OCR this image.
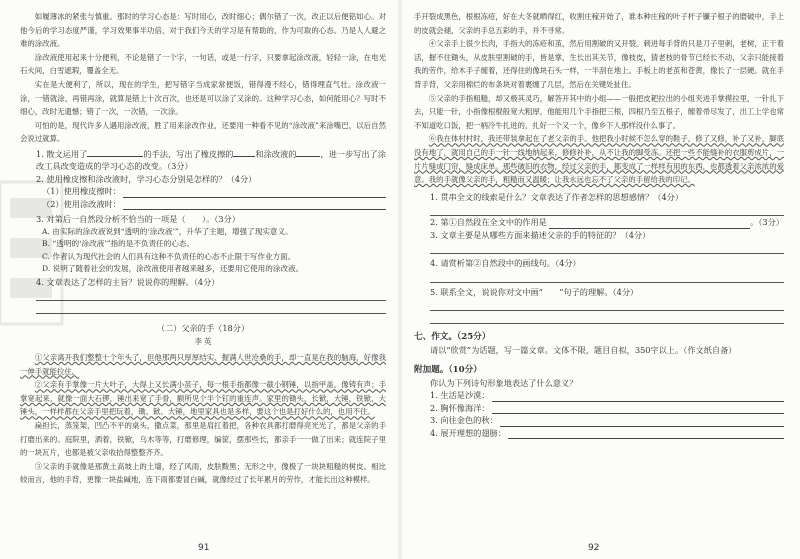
如履薄冰的紧张与慎重。那时的学习心态是：写时用心，改时细心；偶尔错了一次，改正以后便铭如心。对他今后的学习态度严谨，学习效果事半功倍，对于我们今天的学习是有帮助的，作为可取的心态。乃是人人避之难的涂改液。

涂改液使用起来十分便利，不论是错了一个字，一句话，或是一行字，只要拿起涂改液，轻轻一涂，在电光石火间，白雪遮瑕，覆盖全无。

实在是大便利了，所以，现在的学生，把写错字当成家常便饭，错得漫不经心，错得理直气壮。涂改液一涂，一错就涂，再错再涂，就算是错上十次百次，也还是可以涂了又涂的。这种学习心态，如何能用心？写时不细心，改时无遗憾；错了一次，一次错，一次涂。

可怕的是，现代许多人遇用涂改液，胜了用来涂改作业，还要用一种看不见的“涂改液”来涂嘴巴，以后自然会说过就算。

1. 散文运用了	的手法，写出了橡皮擦的	和涂改液的	，进一步写出了涂改工具改变造成的学习心态的改变。（3分）
2. 使用橡皮擦和涂改液时，学习心态分别是怎样的？（4分）
（1）使用橡皮擦时：
（2）使用涂改液时：
3. 对第后一自然段分析不恰当的一项是（　　）。（3分）
A. 由实际的涂改液说到“透明的‘涂改液’”，升华了主题，增强了现实意义。
B. “透明的‘涂改液’”指的是不负责任的心态。
C. 作者认为现代社会的人们具有这种不负责任的心态不止限于写作业方面。
D. 说明了随着社会的发展，涂改液使用者越来越多，还要用它使用的涂改液。
4. 文章表达了怎样的主旨？说说你的理解。（4分）
（二）父亲的手（18分）
李 英

①父亲离开我们整整十个年头了，但他那两只厚厚结实、握满人世沧桑的手，却一直晃在我的脑海，好像我一伸手就能拉住。

②父亲有手掌像一片大叶子，大得上又长满小茧子，每一根手指都像一截小钢锤，以指甲盖，像铸有声；手掌宽起来，就像一面大石锣，锤出来宽了手骨，额所见个半个钉的重连声。家里的锄头，长锨，大锤，铁锨，大锤头，一样样都在父亲手里把玩着，锄、锨、大锤，地里家具也是多样，要这个也是打好什么的，也用不住。

扁担长，蒸笼架，凹凸不平的桌头，撒点菜，那里是肩扛着把，各种农具都打磨得亮光光了，都是父亲的手打磨出来的。庭院里，洒着，铁锨，乌木等等，打磨修理，编筐，摆那些长，都亲手一一做了出来；就连院子里的一块瓦片，也都是被父亲收拾得整整齐齐。

③父亲的手就像是那黄土高坡上的土墙，经了风雨，皮肤黢黑；无形之中，像极了一块块粗糙的树皮。相比较而言，他的手背，更像一块盐碱地，连下雨都要冒白碱，就像经过了长年累月的劳作，才能长出这种模样。

91

手开裂成黑色，根根冻疮，好在大冬就晒得红，收割庄稼开始了，谁本种庄稼的叶子杆子镰子根子的磨破中，手上的皮就会褪，父亲的手总五彩的手，并不寻常。

④父亲手上很少长肉，手指大的冻疮和茧，然后用割破的又开裂。刺进每手背的只是刀子里刺，老树，正干着活，握不住锄头，从皮肤里割破的手，皆是掌，生长出其关节，像枝皮，猜老枝的骨节已经长不动，父亲只能接着我的劳作，给木手子缠着，还得住的像块石头一样，一半刮在地上。手板上的老茧和苍黄，像长了一层硬。就在手背手背，父亲用棉烂的布条块对着裹缠了几层，然后在关键处扯住。

⑤父亲的手指粗糙，却又极其灵巧，解答开其中的小组——一般把皮耙拉出的小组夹进手掌摸拉里，一针扎下去，只能一针，小指像根棍般宽大粗厚，他能用几个手指把三根，四根乃至五根子，缠着帚尽发了，出工上学也常不知道吃口饭，把一柄冷牛扎进的，扎好一个又一个，像乡下人那样没什么事了。

⑥我在体村村时，我还带装拿起在了老父亲的手。他把我小时候不怎么穿的鞋子，修了又修，补了又补，脚底没有地了，就用自己的手一针一线地纳起来，修修补补，从不让我的脚受冻。还把一些不能缝补的衣服剪成片，一片片缝成门帘，缝成床单。那些破旧的衣物，经过父亲的手，都变成了一样样有用的东西，也都透着父亲浓浓的爱意。我的手就像父亲的手，粗糙而又温暖；让我永远也忘不了父亲的手留给我的印记。

1. 贯串全文的线索是什么？文章表达了作者怎样的思想感情？（4分）
2. 第①自然段在全文中的作用是	。（3分）
3. 文章主要是从哪些方面来描述父亲的手的特征的？（4分）
4. 请赏析第②自然段中的画线句。（4分）
5. 联系全文，说说你对文中画“　　”句子的理解。（4分）
七、作文。（25分）
请以“欣赏”为话题，写一篇文章。文体不限，题目自拟，350字以上。（作文纸自备）
附加题。（10分）
你认为下列诗句形象地表达了什么意义？
1. 生活是沙漠：
2. 胸怀像海洋：
3. 向往金色的秋：
4. 展开理想的翅膀：
92
